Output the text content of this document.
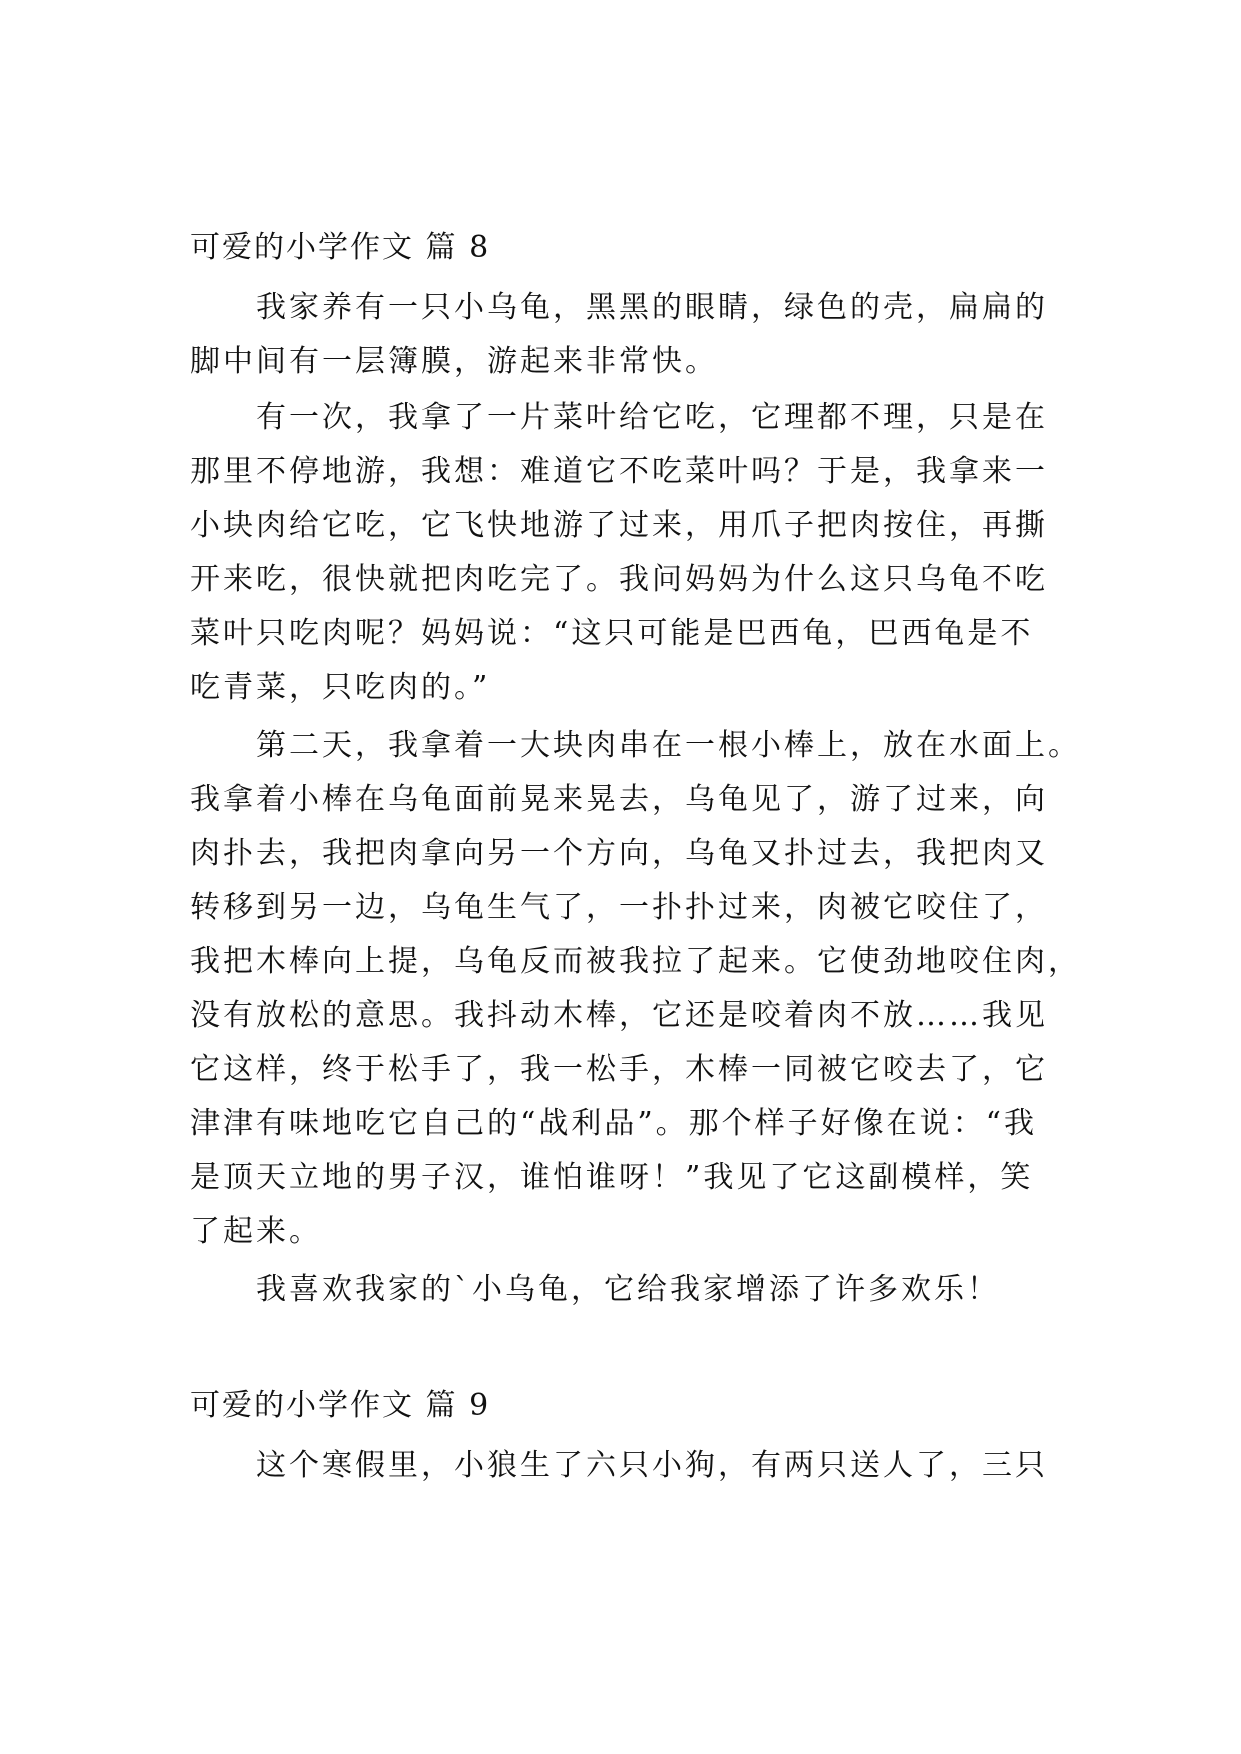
可爱的小学作文 篇 8
我家养有一只小乌龟，黑黑的眼睛，绿色的壳，扁扁的
脚中间有一层簿膜，游起来非常快。
有一次，我拿了一片菜叶给它吃，它理都不理，只是在
那里不停地游，我想：难道它不吃菜叶吗？于是，我拿来一
小块肉给它吃，它飞快地游了过来，用爪子把肉按住，再撕
开来吃，很快就把肉吃完了。我问妈妈为什么这只乌龟不吃
菜叶只吃肉呢？妈妈说：“这只可能是巴西龟，巴西龟是不
吃青菜，只吃肉的。”
第二天，我拿着一大块肉串在一根小棒上，放在水面上。
我拿着小棒在乌龟面前晃来晃去，乌龟见了，游了过来，向
肉扑去，我把肉拿向另一个方向，乌龟又扑过去，我把肉又
转移到另一边，乌龟生气了，一扑扑过来，肉被它咬住了，
我把木棒向上提，乌龟反而被我拉了起来。它使劲地咬住肉，
没有放松的意思。我抖动木棒，它还是咬着肉不放……我见
它这样，终于松手了，我一松手，木棒一同被它咬去了，它
津津有味地吃它自己的“战利品”。那个样子好像在说：“我
是顶天立地的男子汉，谁怕谁呀！”我见了它这副模样，笑
了起来。
我喜欢我家的`小乌龟，它给我家增添了许多欢乐！
可爱的小学作文 篇 9
这个寒假里，小狼生了六只小狗，有两只送人了，三只
